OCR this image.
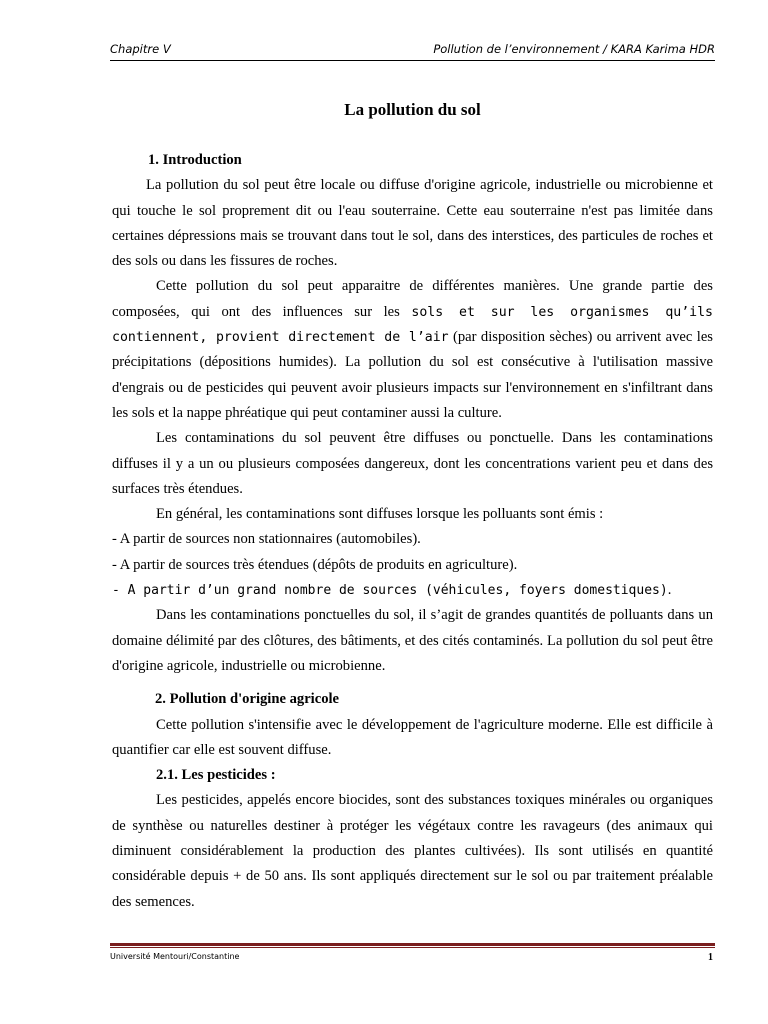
Chapitre V	Pollution de l’environnement / KARA Karima HDR
La pollution du sol
1. Introduction

La pollution du sol peut être locale ou diffuse d'origine agricole, industrielle ou microbienne et qui touche le sol proprement dit ou l'eau souterraine. Cette eau souterraine n'est pas limitée dans certaines dépressions mais se trouvant dans tout le sol, dans des interstices, des particules de roches et des sols ou dans les fissures de roches.

Cette pollution du sol peut apparaitre de différentes manières. Une grande partie des composées, qui ont des influences sur les sols et sur les organismes qu’ils contiennent, provient directement de l’air (par disposition sèches) ou arrivent avec les précipitations (dépositions humides). La pollution du sol est consécutive à l'utilisation massive d'engrais ou de pesticides qui peuvent avoir plusieurs impacts sur l'environnement en s'infiltrant dans les sols et la nappe phréatique qui peut contaminer aussi la culture.

Les contaminations du sol peuvent être diffuses ou ponctuelle. Dans les contaminations diffuses il y a un ou plusieurs composées dangereux, dont les concentrations varient peu et dans des surfaces très étendues.

En général, les contaminations sont diffuses lorsque les polluants sont émis :

- A partir de sources non stationnaires (automobiles).
- A partir de sources très étendues (dépôts de produits en agriculture).
- A partir d’un grand nombre de sources (véhicules, foyers domestiques).

Dans les contaminations ponctuelles du sol, il s’agit de grandes quantités de polluants dans un domaine délimité par des clôtures, des bâtiments, et des cités contaminés. La pollution du sol peut être d'origine agricole, industrielle ou microbienne.

2. Pollution d'origine agricole

Cette pollution s'intensifie avec le développement de l'agriculture moderne. Elle est difficile à quantifier car elle est souvent diffuse.

2.1. Les pesticides :

Les pesticides, appelés encore biocides, sont des substances toxiques minérales ou organiques de synthèse ou naturelles destiner à protéger les végétaux contre les ravageurs (des animaux qui diminuent considérablement la production des plantes cultivées). Ils sont utilisés en quantité considérable depuis + de 50 ans. Ils sont appliqués directement sur le sol ou par traitement préalable des semences.

Université Mentouri/Constantine	1
